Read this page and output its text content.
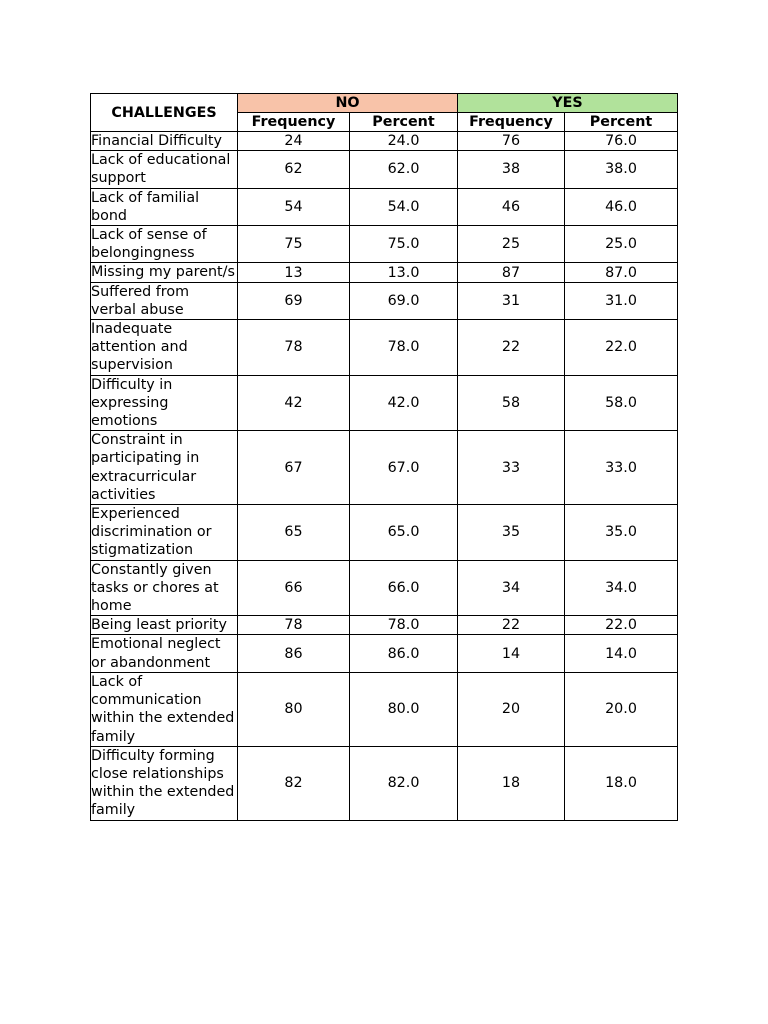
CHALLENGES	NO		YES	
	Frequency	Percent	Frequency	Percent
Financial Difficulty	24	24.0	76	76.0
Lack of educational support	62	62.0	38	38.0
Lack of familial bond	54	54.0	46	46.0
Lack of sense of belongingness	75	75.0	25	25.0
Missing my parent/s	13	13.0	87	87.0
Suffered from verbal abuse	69	69.0	31	31.0
Inadequate attention and supervision	78	78.0	22	22.0
Difficulty in expressing emotions	42	42.0	58	58.0
Constraint in participating in extracurricular activities	67	67.0	33	33.0
Experienced discrimination or stigmatization	65	65.0	35	35.0
Constantly given tasks or chores at home	66	66.0	34	34.0
Being least priority	78	78.0	22	22.0
Emotional neglect or abandonment	86	86.0	14	14.0
Lack of communication within the extended family	80	80.0	20	20.0
Difficulty forming close relationships within the extended family	82	82.0	18	18.0
